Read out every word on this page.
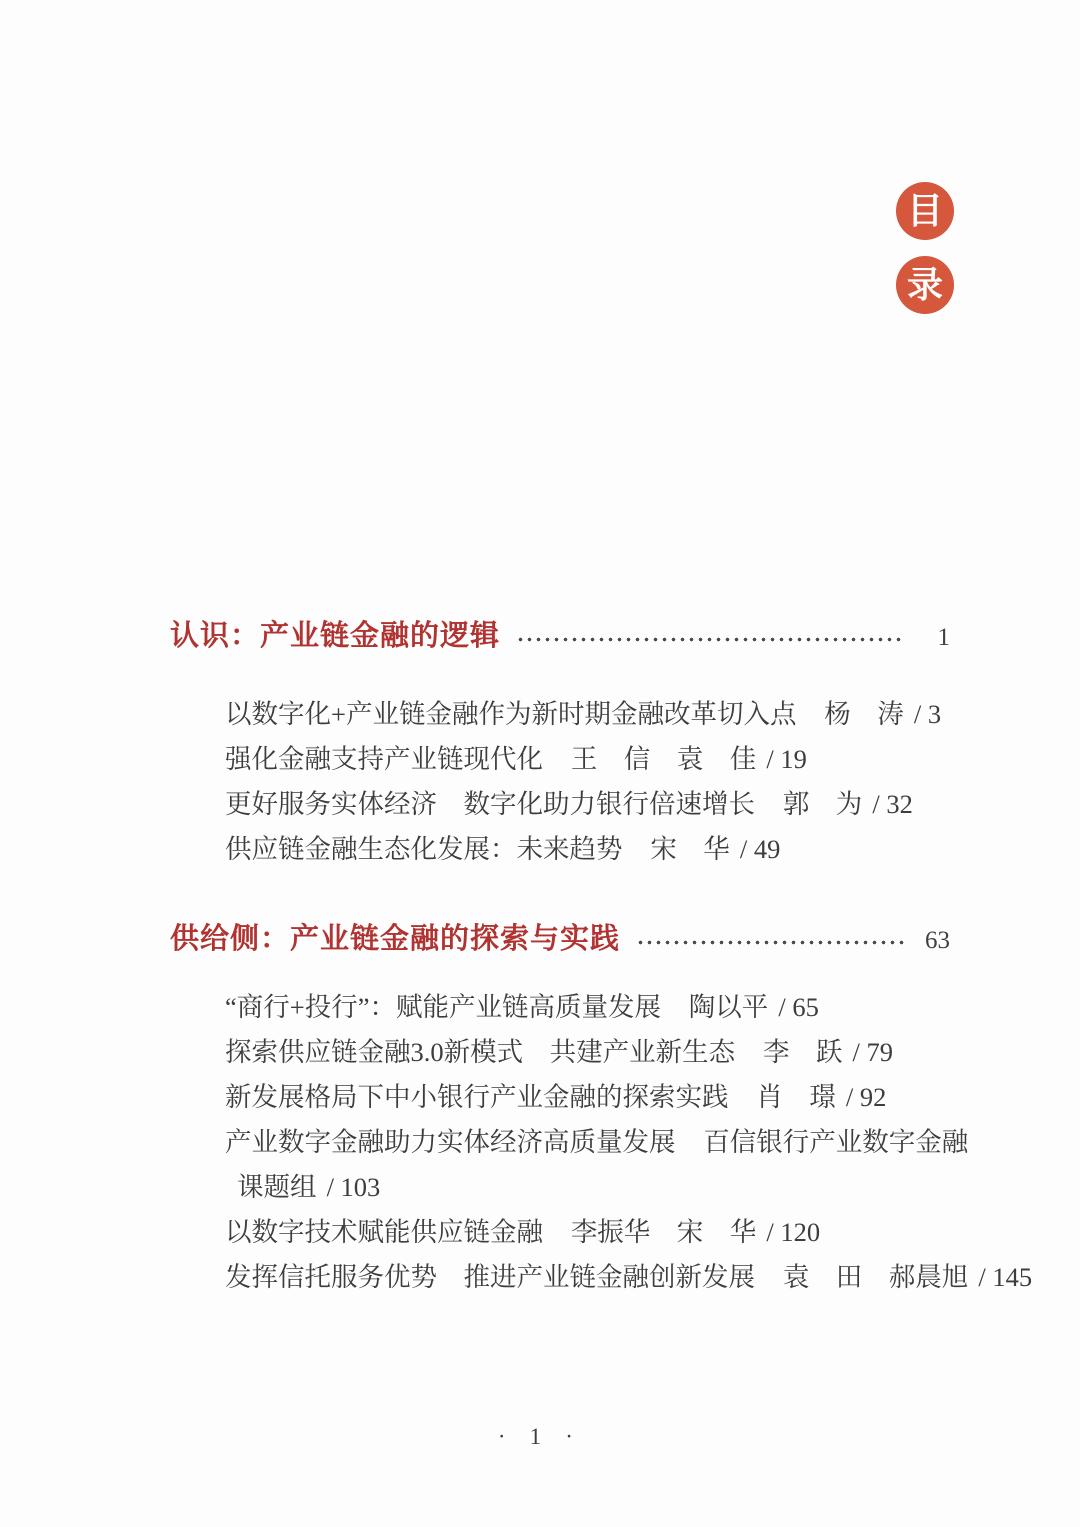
目
录
认识：产业链金融的逻辑	1
以数字化+产业链金融作为新时期金融改革切入点 杨　涛 / 3
强化金融支持产业链现代化 王　信　袁　佳 / 19
更好服务实体经济　数字化助力银行倍速增长 郭　为 / 32
供应链金融生态化发展：未来趋势 宋　华 / 49
供给侧：产业链金融的探索与实践	63
“商行+投行”：赋能产业链高质量发展 陶以平 / 65
探索供应链金融3.0新模式　共建产业新生态 李　跃 / 79
新发展格局下中小银行产业金融的探索实践 肖　璟 / 92
产业数字金融助力实体经济高质量发展 百信银行产业数字金融
课题组 / 103
以数字技术赋能供应链金融 李振华　宋　华 / 120
发挥信托服务优势　推进产业链金融创新发展 袁　田　郝晨旭 / 145
· 1 ·
